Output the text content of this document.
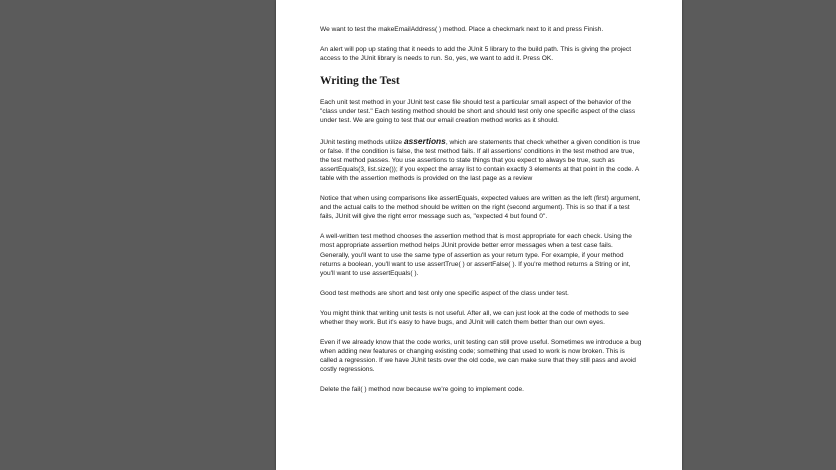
We want to test the makeEmailAddress( ) method. Place a checkmark next to it and press Finish.

An alert will pop up stating that it needs to add the JUnit 5 library to the build path. This is giving the project access to the JUnit library is needs to run. So, yes, we want to add it. Press OK.

Writing the Test

Each unit test method in your JUnit test case file should test a particular small aspect of the behavior of the "class under test." Each testing method should be short and should test only one specific aspect of the class under test. We are going to test that our email creation method works as it should.

JUnit testing methods utilize assertions, which are statements that check whether a given condition is true or false. If the condition is false, the test method fails. If all assertions' conditions in the test method are true, the test method passes. You use assertions to state things that you expect to always be true, such as assertEquals(3, list.size()); if you expect the array list to contain exactly 3 elements at that point in the code. A table with the assertion methods is provided on the last page as a review

Notice that when using comparisons like assertEquals, expected values are written as the left (first) argument, and the actual calls to the method should be written on the right (second argument). This is so that if a test fails, JUnit will give the right error message such as, "expected 4 but found 0".

A well-written test method chooses the assertion method that is most appropriate for each check. Using the most appropriate assertion method helps JUnit provide better error messages when a test case fails. Generally, you'll want to use the same type of assertion as your return type. For example, if your method returns a boolean, you'll want to use assertTrue( ) or assertFalse( ). If you're method returns a String or int, you'll want to use assertEquals( ).

Good test methods are short and test only one specific aspect of the class under test.

You might think that writing unit tests is not useful. After all, we can just look at the code of methods to see whether they work. But it's easy to have bugs, and JUnit will catch them better than our own eyes.

Even if we already know that the code works, unit testing can still prove useful. Sometimes we introduce a bug when adding new features or changing existing code; something that used to work is now broken. This is called a regression. If we have JUnit tests over the old code, we can make sure that they still pass and avoid costly regressions.

Delete the fail( ) method now because we're going to implement code.
